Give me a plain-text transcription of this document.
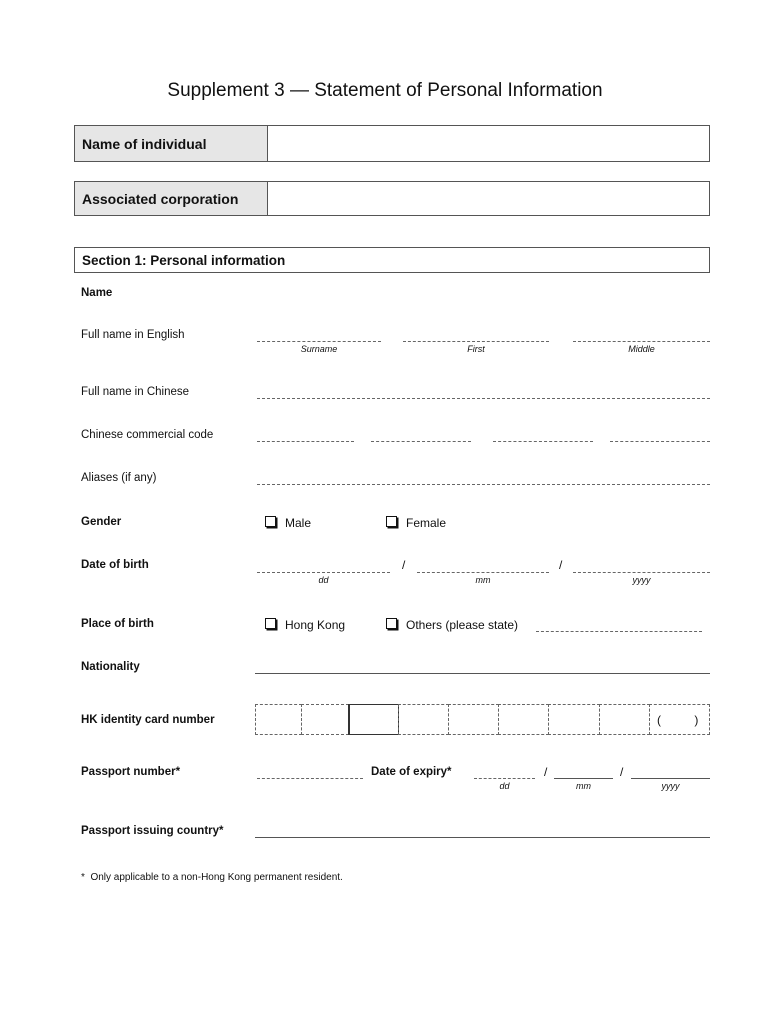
Supplement 3 — Statement of Personal Information
Name of individual
Associated corporation
Section 1: Personal information
Name
Full name in English
Surname	First	Middle
Full name in Chinese
Chinese commercial code
Aliases (if any)
Gender	Male	Female
Date of birth	/	/
dd	mm	yyyy
Place of birth	Hong Kong	Others (please state)
Nationality
HK identity card number	(          )
Passport number*	Date of expiry*	/	/
dd	mm	yyyy
Passport issuing country*
*  Only applicable to a non-Hong Kong permanent resident.
